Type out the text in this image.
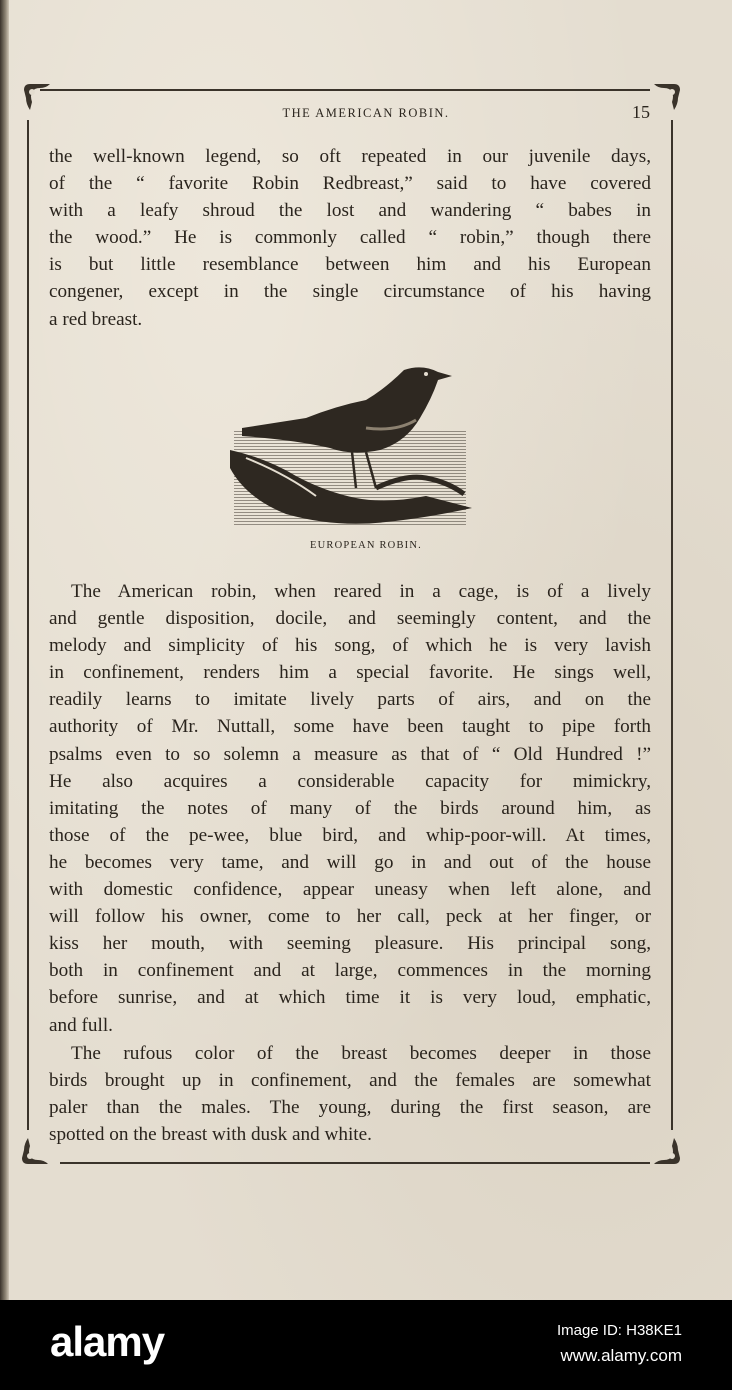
THE AMERICAN ROBIN.	15
the well-known legend, so oft repeated in our juvenile days,
of the “ favorite Robin Redbreast,” said to have covered
with a leafy shroud the lost and wandering “ babes in
the wood.” He is commonly called “ robin,” though there
is but little resemblance between him and his European
congener, except in the single circumstance of his having
a red breast.
EUROPEAN ROBIN.
The American robin, when reared in a cage, is of a lively
and gentle disposition, docile, and seemingly content, and the
melody and simplicity of his song, of which he is very lavish
in confinement, renders him a special favorite. He sings well,
readily learns to imitate lively parts of airs, and on the
authority of Mr. Nuttall, some have been taught to pipe forth
psalms even to so solemn a measure as that of “ Old Hundred !”
He also acquires a considerable capacity for mimickry,
imitating the notes of many of the birds around him, as
those of the pe-wee, blue bird, and whip-poor-will. At times,
he becomes very tame, and will go in and out of the house
with domestic confidence, appear uneasy when left alone, and
will follow his owner, come to her call, peck at her finger, or
kiss her mouth, with seeming pleasure. His principal song,
both in confinement and at large, commences in the morning
before sunrise, and at which time it is very loud, emphatic,
and full.
The rufous color of the breast becomes deeper in those
birds brought up in confinement, and the females are somewhat
paler than the males. The young, during the first season, are
spotted on the breast with dusk and white.
alamy	Image ID: H38KE1
www.alamy.com
